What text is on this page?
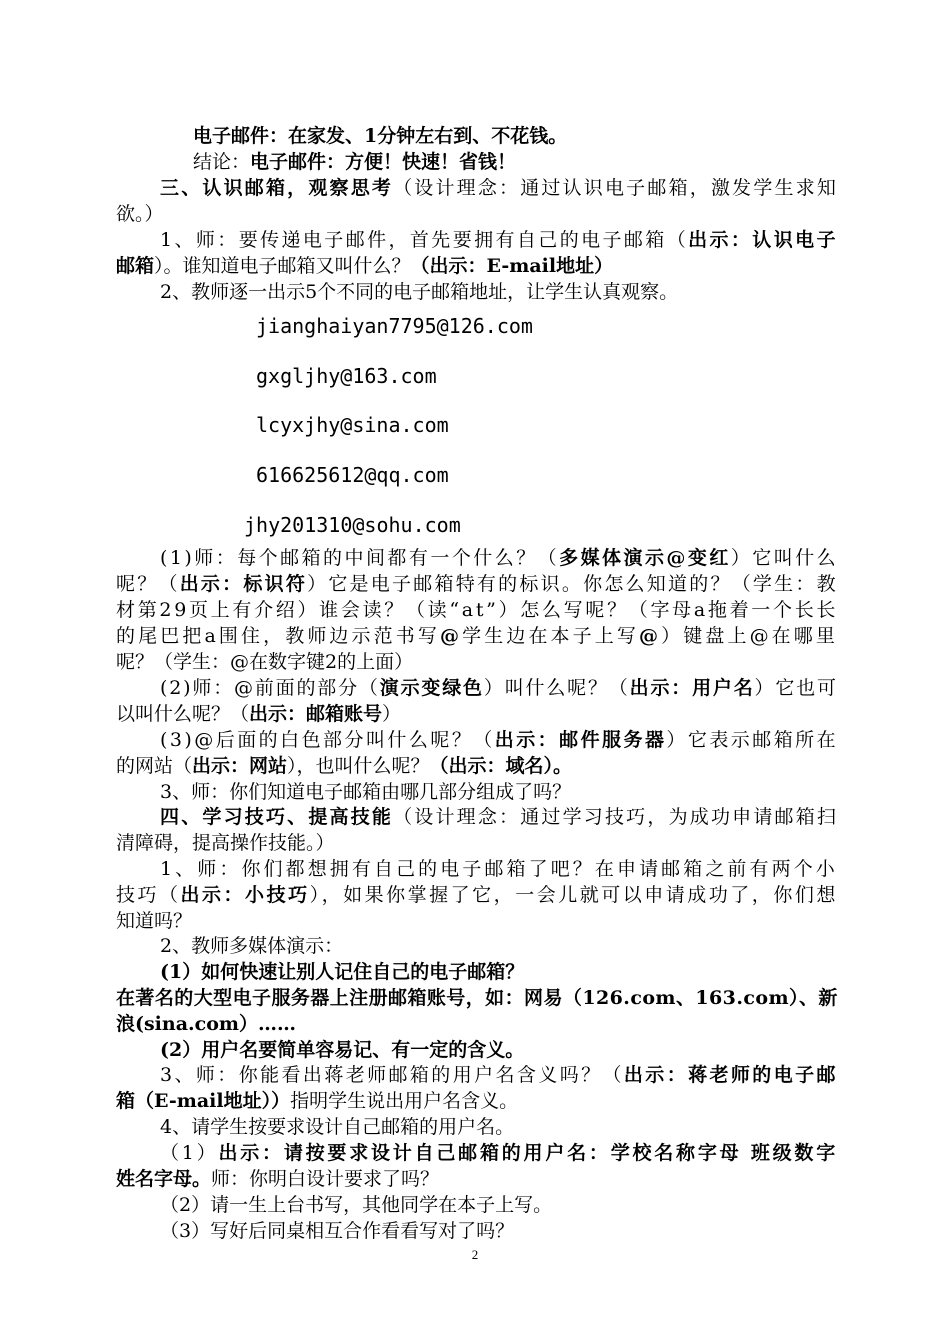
电子邮件：在家发、1分钟左右到、不花钱。
结论：电子邮件：方便！快速！省钱！
三、认识邮箱，观察思考（设计理念：通过认识电子邮箱，激发学生求知
欲。）
1、师：要传递电子邮件，首先要拥有自己的电子邮箱（出示：认识电子
邮箱）。谁知道电子邮箱又叫什么？（出示：E-mail地址）
2、教师逐一出示5个不同的电子邮箱地址，让学生认真观察。
(1)师：每个邮箱的中间都有一个什么？（多媒体演示@变红）它叫什么
呢？（出示：标识符）它是电子邮箱特有的标识。你怎么知道的？（学生：教
材第29页上有介绍）谁会读？（读“at”）怎么写呢？（字母a拖着一个长长
的尾巴把a围住，教师边示范书写@学生边在本子上写@）键盘上@在哪里
呢？（学生：@在数字键2的上面）
(2)师：@前面的部分（演示变绿色）叫什么呢？（出示：用户名）它也可
以叫什么呢？（出示：邮箱账号）
(3)@后面的白色部分叫什么呢？（出示：邮件服务器）它表示邮箱所在
的网站（出示：网站），也叫什么呢？（出示：域名）。
3、师：你们知道电子邮箱由哪几部分组成了吗？
四、学习技巧、提高技能（设计理念：通过学习技巧，为成功申请邮箱扫
清障碍，提高操作技能。）
1、师：你们都想拥有自己的电子邮箱了吧？在申请邮箱之前有两个小
技巧（出示：小技巧），如果你掌握了它，一会儿就可以申请成功了，你们想
知道吗？
2、教师多媒体演示：
(1）如何快速让别人记住自己的电子邮箱？
在著名的大型电子服务器上注册邮箱账号，如：网易（126.com、163.com）、新
浪(sina.com）……
(2）用户名要简单容易记、有一定的含义。
3、师：你能看出蒋老师邮箱的用户名含义吗？（出示：蒋老师的电子邮
箱（E-mail地址））指明学生说出用户名含义。
4、请学生按要求设计自己邮箱的用户名。
（1）出示：请按要求设计自己邮箱的用户名：学校名称字母 班级数字
姓名字母。师：你明白设计要求了吗？
（2）请一生上台书写，其他同学在本子上写。
（3）写好后同桌相互合作看看写对了吗？
jianghaiyan7795@126.com
gxgljhy@163.com
lcyxjhy@sina.com
616625612@qq.com
jhy201310@sohu.com
2
